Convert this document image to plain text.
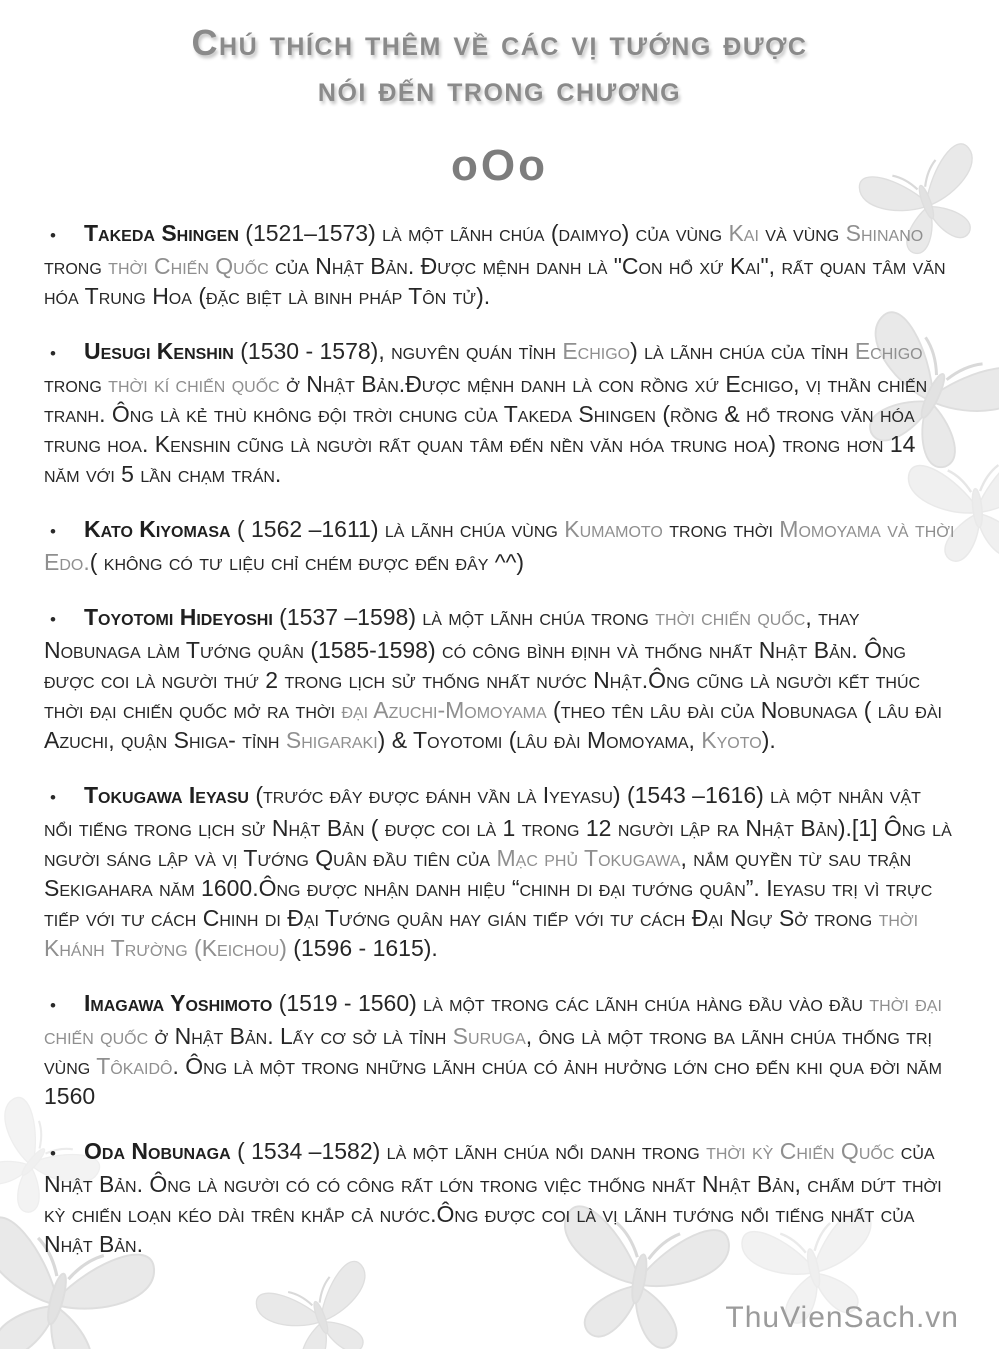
Chú thích thêm về các vị tướng được
nói đến trong chương
oOo

• Takeda Shingen (1521–1573) là một lãnh chúa (daimyo) của vùng Kai và vùng Shinano trong thời Chiến Quốc của Nhật Bản. Được mệnh danh là "Con hổ xứ Kai", rất quan tâm văn hóa Trung Hoa (đặc biệt là binh pháp Tôn tử).

• Uesugi Kenshin (1530 - 1578), nguyên quán tỉnh Echigo) là lãnh chúa của tỉnh Echigo trong thời kí chiến quốc ở Nhật Bản.Được mệnh danh là con rồng xứ Echigo, vị thần chiến tranh. Ông là kẻ thù không đội trời chung của Takeda Shingen (rồng & hổ trong văn hóa trung hoa. Kenshin cũng là người rất quan tâm đến nền văn hóa trung hoa) trong hơn 14 năm với 5 lần chạm trán.

• Kato Kiyomasa ( 1562 –1611) là lãnh chúa vùng Kumamoto trong thời Momoyama và thời Edo.( không có tư liệu chỉ chém được đến đây ^^)

• Toyotomi Hideyoshi (1537 –1598) là một lãnh chúa trong thời chiến quốc, thay Nobunaga làm Tướng quân (1585-1598) có công bình định và thống nhất Nhật Bản. Ông được coi là người thứ 2 trong lịch sử thống nhất nước Nhật.Ông cũng là người kết thúc thời đại chiến quốc mở ra thời đại Azuchi-Momoyama (theo tên lâu đài của Nobunaga ( lâu đài Azuchi, quận Shiga- tỉnh Shigaraki) & Toyotomi (lâu đài Momoyama, Kyoto).

• Tokugawa Ieyasu (trước đây được đánh vần là Iyeyasu) (1543 –1616) là một nhân vật nổi tiếng trong lịch sử Nhật Bản ( được coi là 1 trong 12 người lập ra Nhật Bản).[1] Ông là người sáng lập và vị Tướng Quân đầu tiên của Mạc phủ Tokugawa, nắm quyền từ sau trận Sekigahara năm 1600.Ông được nhận danh hiệu “chinh di đại tướng quân”. Ieyasu trị vì trực tiếp với tư cách Chinh di Đại Tướng quân hay gián tiếp với tư cách Đại Ngự Sở trong thời Khánh Trường (Keichou) (1596 - 1615).

• Imagawa Yoshimoto (1519 - 1560) là một trong các lãnh chúa hàng đầu vào đầu thời đại chiến quốc ở Nhật Bản. Lấy cơ sở là tỉnh Suruga, ông là một trong ba lãnh chúa thống trị vùng Tôkaidô. Ông là một trong những lãnh chúa có ảnh hưởng lớn cho đến khi qua đời năm 1560

• Oda Nobunaga ( 1534 –1582) là một lãnh chúa nổi danh trong thời kỳ Chiến Quốc của Nhật Bản. Ông là người có có công rất lớn trong việc thống nhất Nhật Bản, chấm dứt thời kỳ chiến loạn kéo dài trên khắp cả nước.Ông được coi là vị lãnh tướng nổi tiếng nhất của Nhật Bản.

ThuVienSach.vn
